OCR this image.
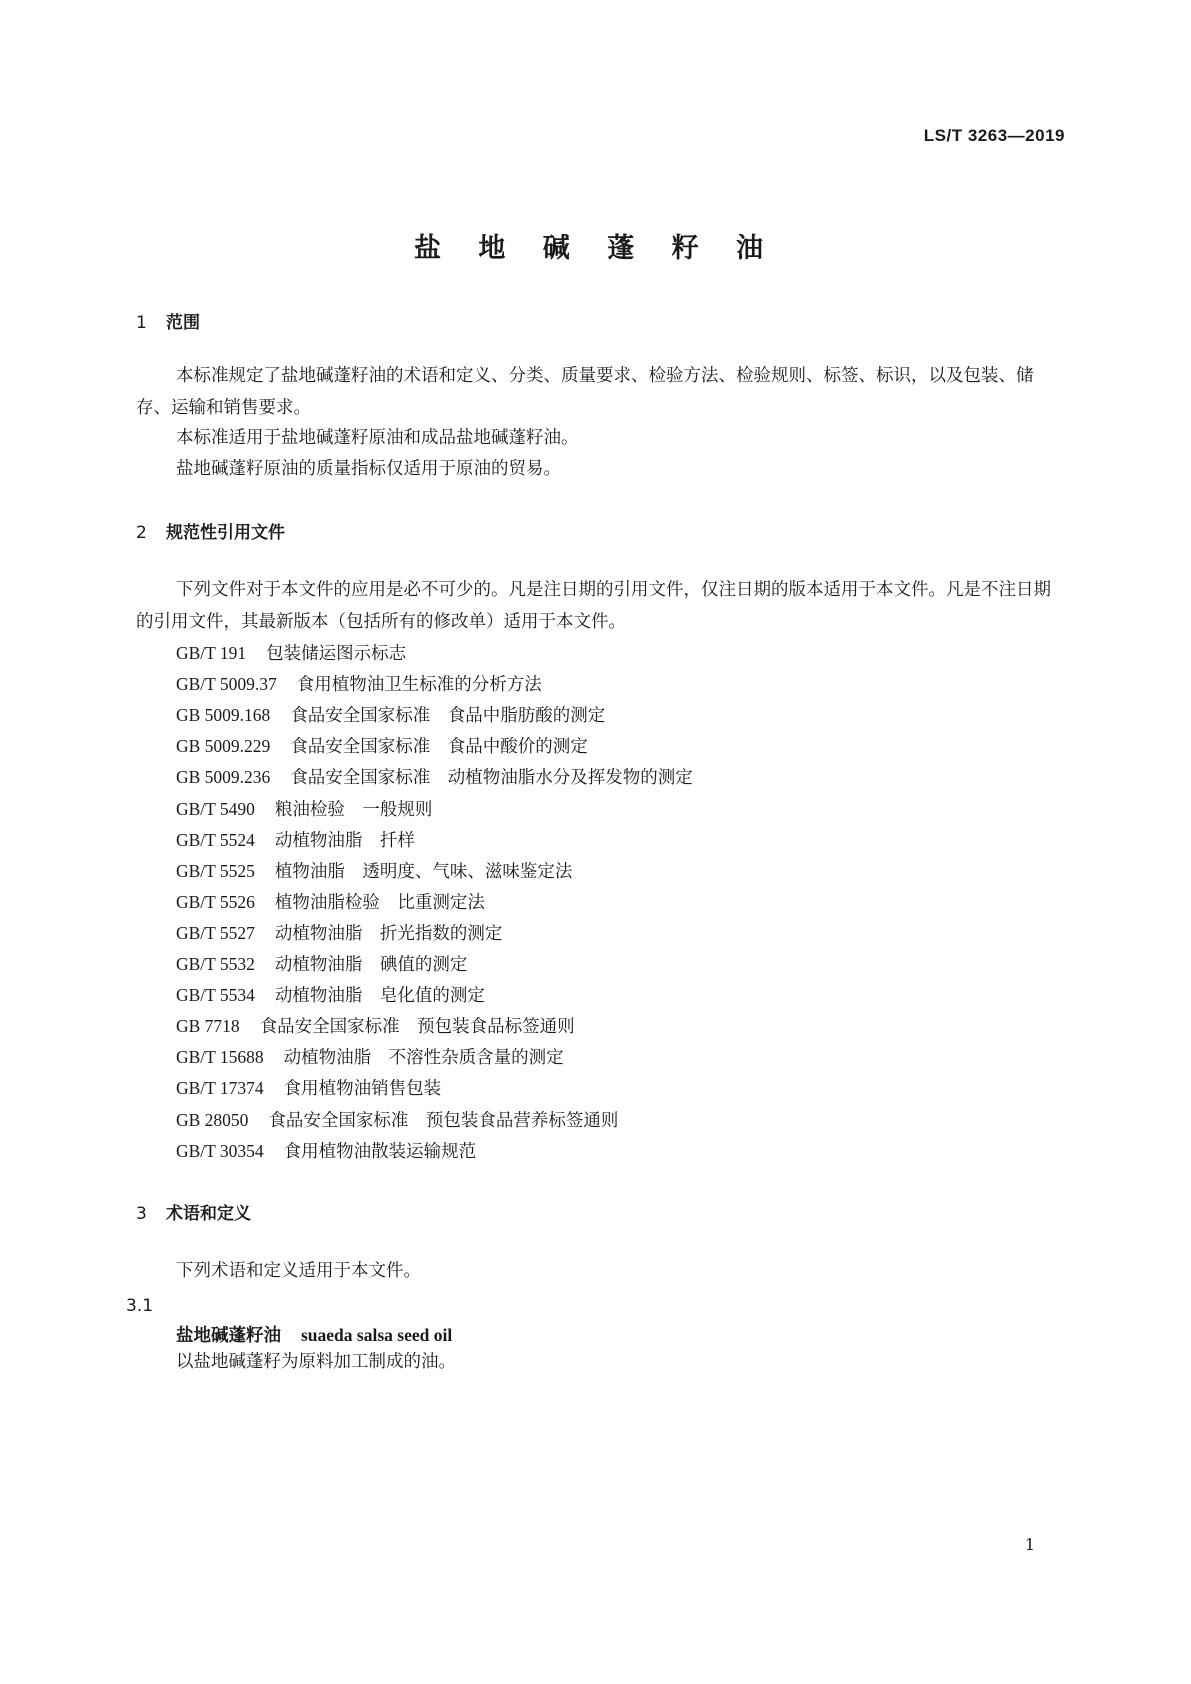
LS/T 3263—2019
盐 地 碱 蓬 籽 油
1 范围
本标准规定了盐地碱蓬籽油的术语和定义、分类、质量要求、检验方法、检验规则、标签、标识，以及包装、储存、运输和销售要求。
本标准适用于盐地碱蓬籽原油和成品盐地碱蓬籽油。
盐地碱蓬籽原油的质量指标仅适用于原油的贸易。
2 规范性引用文件
下列文件对于本文件的应用是必不可少的。凡是注日期的引用文件，仅注日期的版本适用于本文件。凡是不注日期的引用文件，其最新版本（包括所有的修改单）适用于本文件。
GB/T 191 包装储运图示标志
GB/T 5009.37 食用植物油卫生标准的分析方法
GB 5009.168 食品安全国家标准　食品中脂肪酸的测定
GB 5009.229 食品安全国家标准　食品中酸价的测定
GB 5009.236 食品安全国家标准　动植物油脂水分及挥发物的测定
GB/T 5490 粮油检验　一般规则
GB/T 5524 动植物油脂　扦样
GB/T 5525 植物油脂　透明度、气味、滋味鉴定法
GB/T 5526 植物油脂检验　比重测定法
GB/T 5527 动植物油脂　折光指数的测定
GB/T 5532 动植物油脂　碘值的测定
GB/T 5534 动植物油脂　皂化值的测定
GB 7718 食品安全国家标准　预包装食品标签通则
GB/T 15688 动植物油脂　不溶性杂质含量的测定
GB/T 17374 食用植物油销售包装
GB 28050 食品安全国家标准　预包装食品营养标签通则
GB/T 30354 食用植物油散装运输规范
3 术语和定义
下列术语和定义适用于本文件。
3.1
盐地碱蓬籽油 suaeda salsa seed oil
以盐地碱蓬籽为原料加工制成的油。
1
